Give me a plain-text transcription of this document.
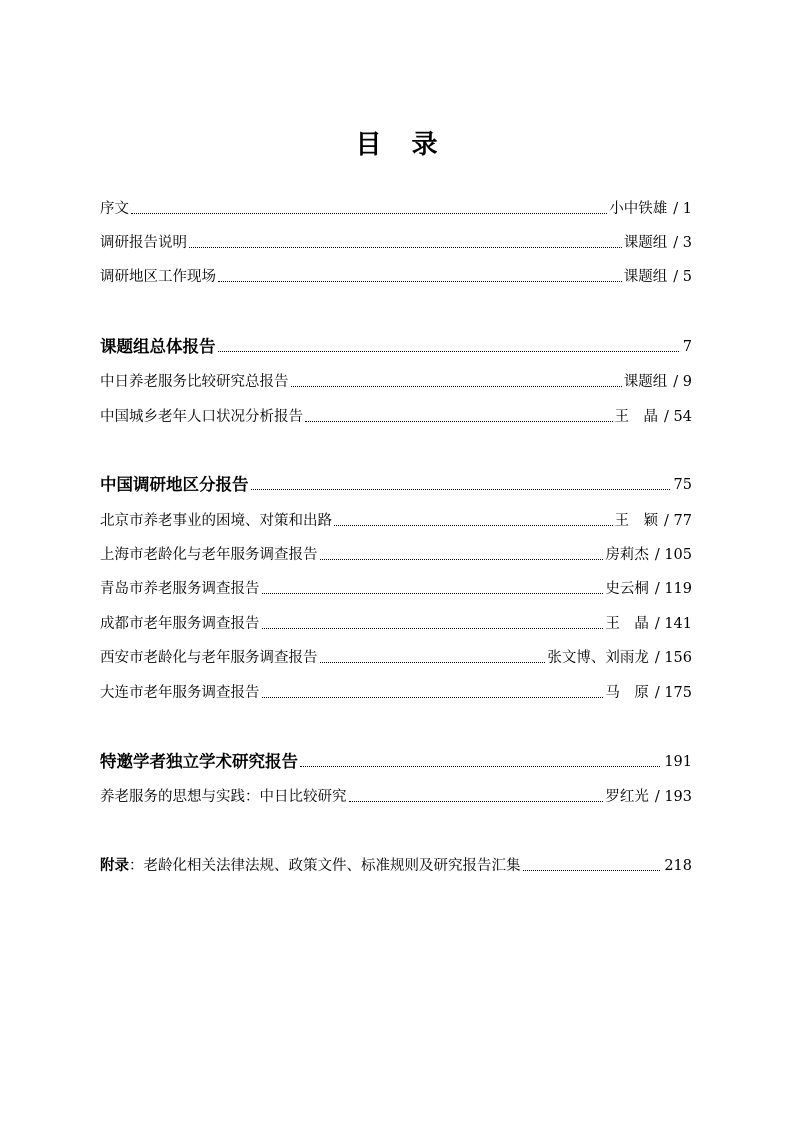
目 录
序文	小中铁雄 / 1
调研报告说明	课题组 / 3
调研地区工作现场	课题组 / 5
课题组总体报告	7
中日养老服务比较研究总报告	课题组 / 9
中国城乡老年人口状况分析报告	王　晶 / 54
中国调研地区分报告	75
北京市养老事业的困境、对策和出路	王　颖 / 77
上海市老龄化与老年服务调查报告	房莉杰 / 105
青岛市养老服务调查报告	史云桐 / 119
成都市老年服务调查报告	王　晶 / 141
西安市老龄化与老年服务调查报告	张文博、刘雨龙 / 156
大连市老年服务调查报告	马　原 / 175
特邀学者独立学术研究报告	191
养老服务的思想与实践：中日比较研究	罗红光 / 193
附录：老龄化相关法律法规、政策文件、标准规则及研究报告汇集	218
